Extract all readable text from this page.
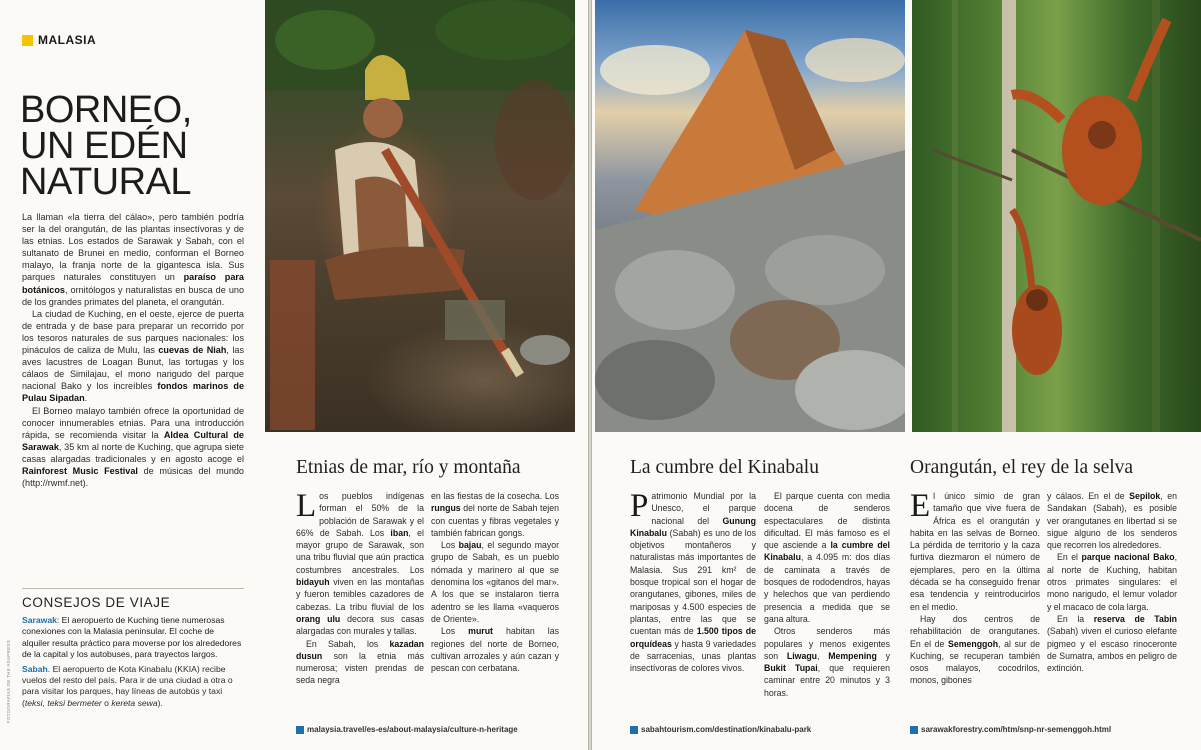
MALASIA
BORNEO,
UN EDÉN
NATURAL

La llaman «la tierra del cálao», pero también podría ser la del orangután, de las plantas insectívoras y de las etnias. Los estados de Sarawak y Sabah, con el sultanato de Brunei en medio, conforman el Borneo malayo, la franja norte de la gigantesca isla. Sus parques naturales constituyen un paraíso para botánicos, ornitólogos y naturalistas en busca de uno de los grandes primates del planeta, el orangután.

La ciudad de Kuching, en el oeste, ejerce de puerta de entrada y de base para preparar un recorrido por los tesoros naturales de sus parques nacionales: los pináculos de caliza de Mulu, las cuevas de Niah, las aves lacustres de Loagan Bunut, las tortugas y los cálaos de Similajau, el mono narigudo del parque nacional Bako y los increíbles fondos marinos de Pulau Sipadan.

El Borneo malayo también ofrece la oportunidad de conocer innumerables etnias. Para una introducción rápida, se recomienda visitar la Aldea Cultural de Sarawak, 35 km al norte de Kuching, que agrupa siete casas alargadas tradicionales y en agosto acoge el Rainforest Music Festival de músicas del mundo (http://rwmf.net).

CONSEJOS DE VIAJE

Sarawak: El aeropuerto de Kuching tiene numerosas conexiones con la Malasia peninsular. El coche de alquiler resulta práctico para moverse por los alrededores de la capital y los autobuses, para trayectos largos.

Sabah. El aeropuerto de Kota Kinabalu (KKIA) recibe vuelos del resto del país. Para ir de una ciudad a otra o para visitar los parques, hay líneas de autobús y taxi (teksi, teksi bermeter o kereta sewa).

FOTOGRAFÍAS DE THE ASAPRESS
Etnias de mar, río y montaña

Los pueblos indígenas forman el 50% de la población de Sarawak y el 66% de Sabah. Los iban, el mayor grupo de Sarawak, son una tribu fluvial que aún practica costumbres ancestrales. Los bidayuh viven en las montañas y fueron temibles cazadores de cabezas. La tribu fluvial de los orang ulu decora sus casas alargadas con murales y tallas.

En Sabah, los kazadan dusun son la etnia más numerosa; visten prendas de seda negra

en las fiestas de la cosecha. Los rungus del norte de Sabah tejen con cuentas y fibras vegetales y también fabrican gongs.

Los bajau, el segundo mayor grupo de Sabah, es un pueblo nómada y marinero al que se denomina los «gitanos del mar». A los que se instalaron tierra adentro se les llama «vaqueros de Oriente».

Los murut habitan las regiones del norte de Borneo, cultivan arrozales y aún cazan y pescan con cerbatana.

malaysia.travel/es-es/about-malaysia/culture-n-heritage
La cumbre del Kinabalu

Patrimonio Mundial por la Unesco, el parque nacional del Gunung Kinabalu (Sabah) es uno de los objetivos montañeros y naturalistas más importantes de Malasia. Sus 291 km² de bosque tropical son el hogar de orangutanes, gibones, miles de mariposas y 4.500 especies de plantas, entre las que se cuentan más de 1.500 tipos de orquídeas y hasta 9 variedades de sarracenias, unas plantas insectívoras de colores vivos.

El parque cuenta con media docena de senderos espectaculares de distinta dificultad. El más famoso es el que asciende a la cumbre del Kinabalu, a 4.095 m: dos días de caminata a través de bosques de rododendros, hayas y helechos que van perdiendo presencia a medida que se gana altura.

Otros senderos más populares y menos exigentes son Liwagu, Mempening y Bukit Tupai, que requieren caminar entre 20 minutos y 3 horas.

sabahtourism.com/destination/kinabalu-park
Orangután, el rey de la selva

El único simio de gran tamaño que vive fuera de África es el orangután y habita en las selvas de Borneo. La pérdida de territorio y la caza furtiva diezmaron el número de ejemplares, pero en la última década se ha conseguido frenar esa tendencia y reintroducirlos en el medio.

Hay dos centros de rehabilitación de orangutanes. En el de Semenggoh, al sur de Kuching, se recuperan también osos malayos, cocodrilos, monos, gibones

y cálaos. En el de Sepilok, en Sandakan (Sabah), es posible ver orangutanes en libertad si se sigue alguno de los senderos que recorren los alrededores.

En el parque nacional Bako, al norte de Kuching, habitan otros primates singulares: el mono narigudo, el lemur volador y el macaco de cola larga.

En la reserva de Tabin (Sabah) viven el curioso elefante pigmeo y el escaso rinoceronte de Sumatra, ambos en peligro de extinción.

sarawakforestry.com/htm/snp-nr-semenggoh.html
